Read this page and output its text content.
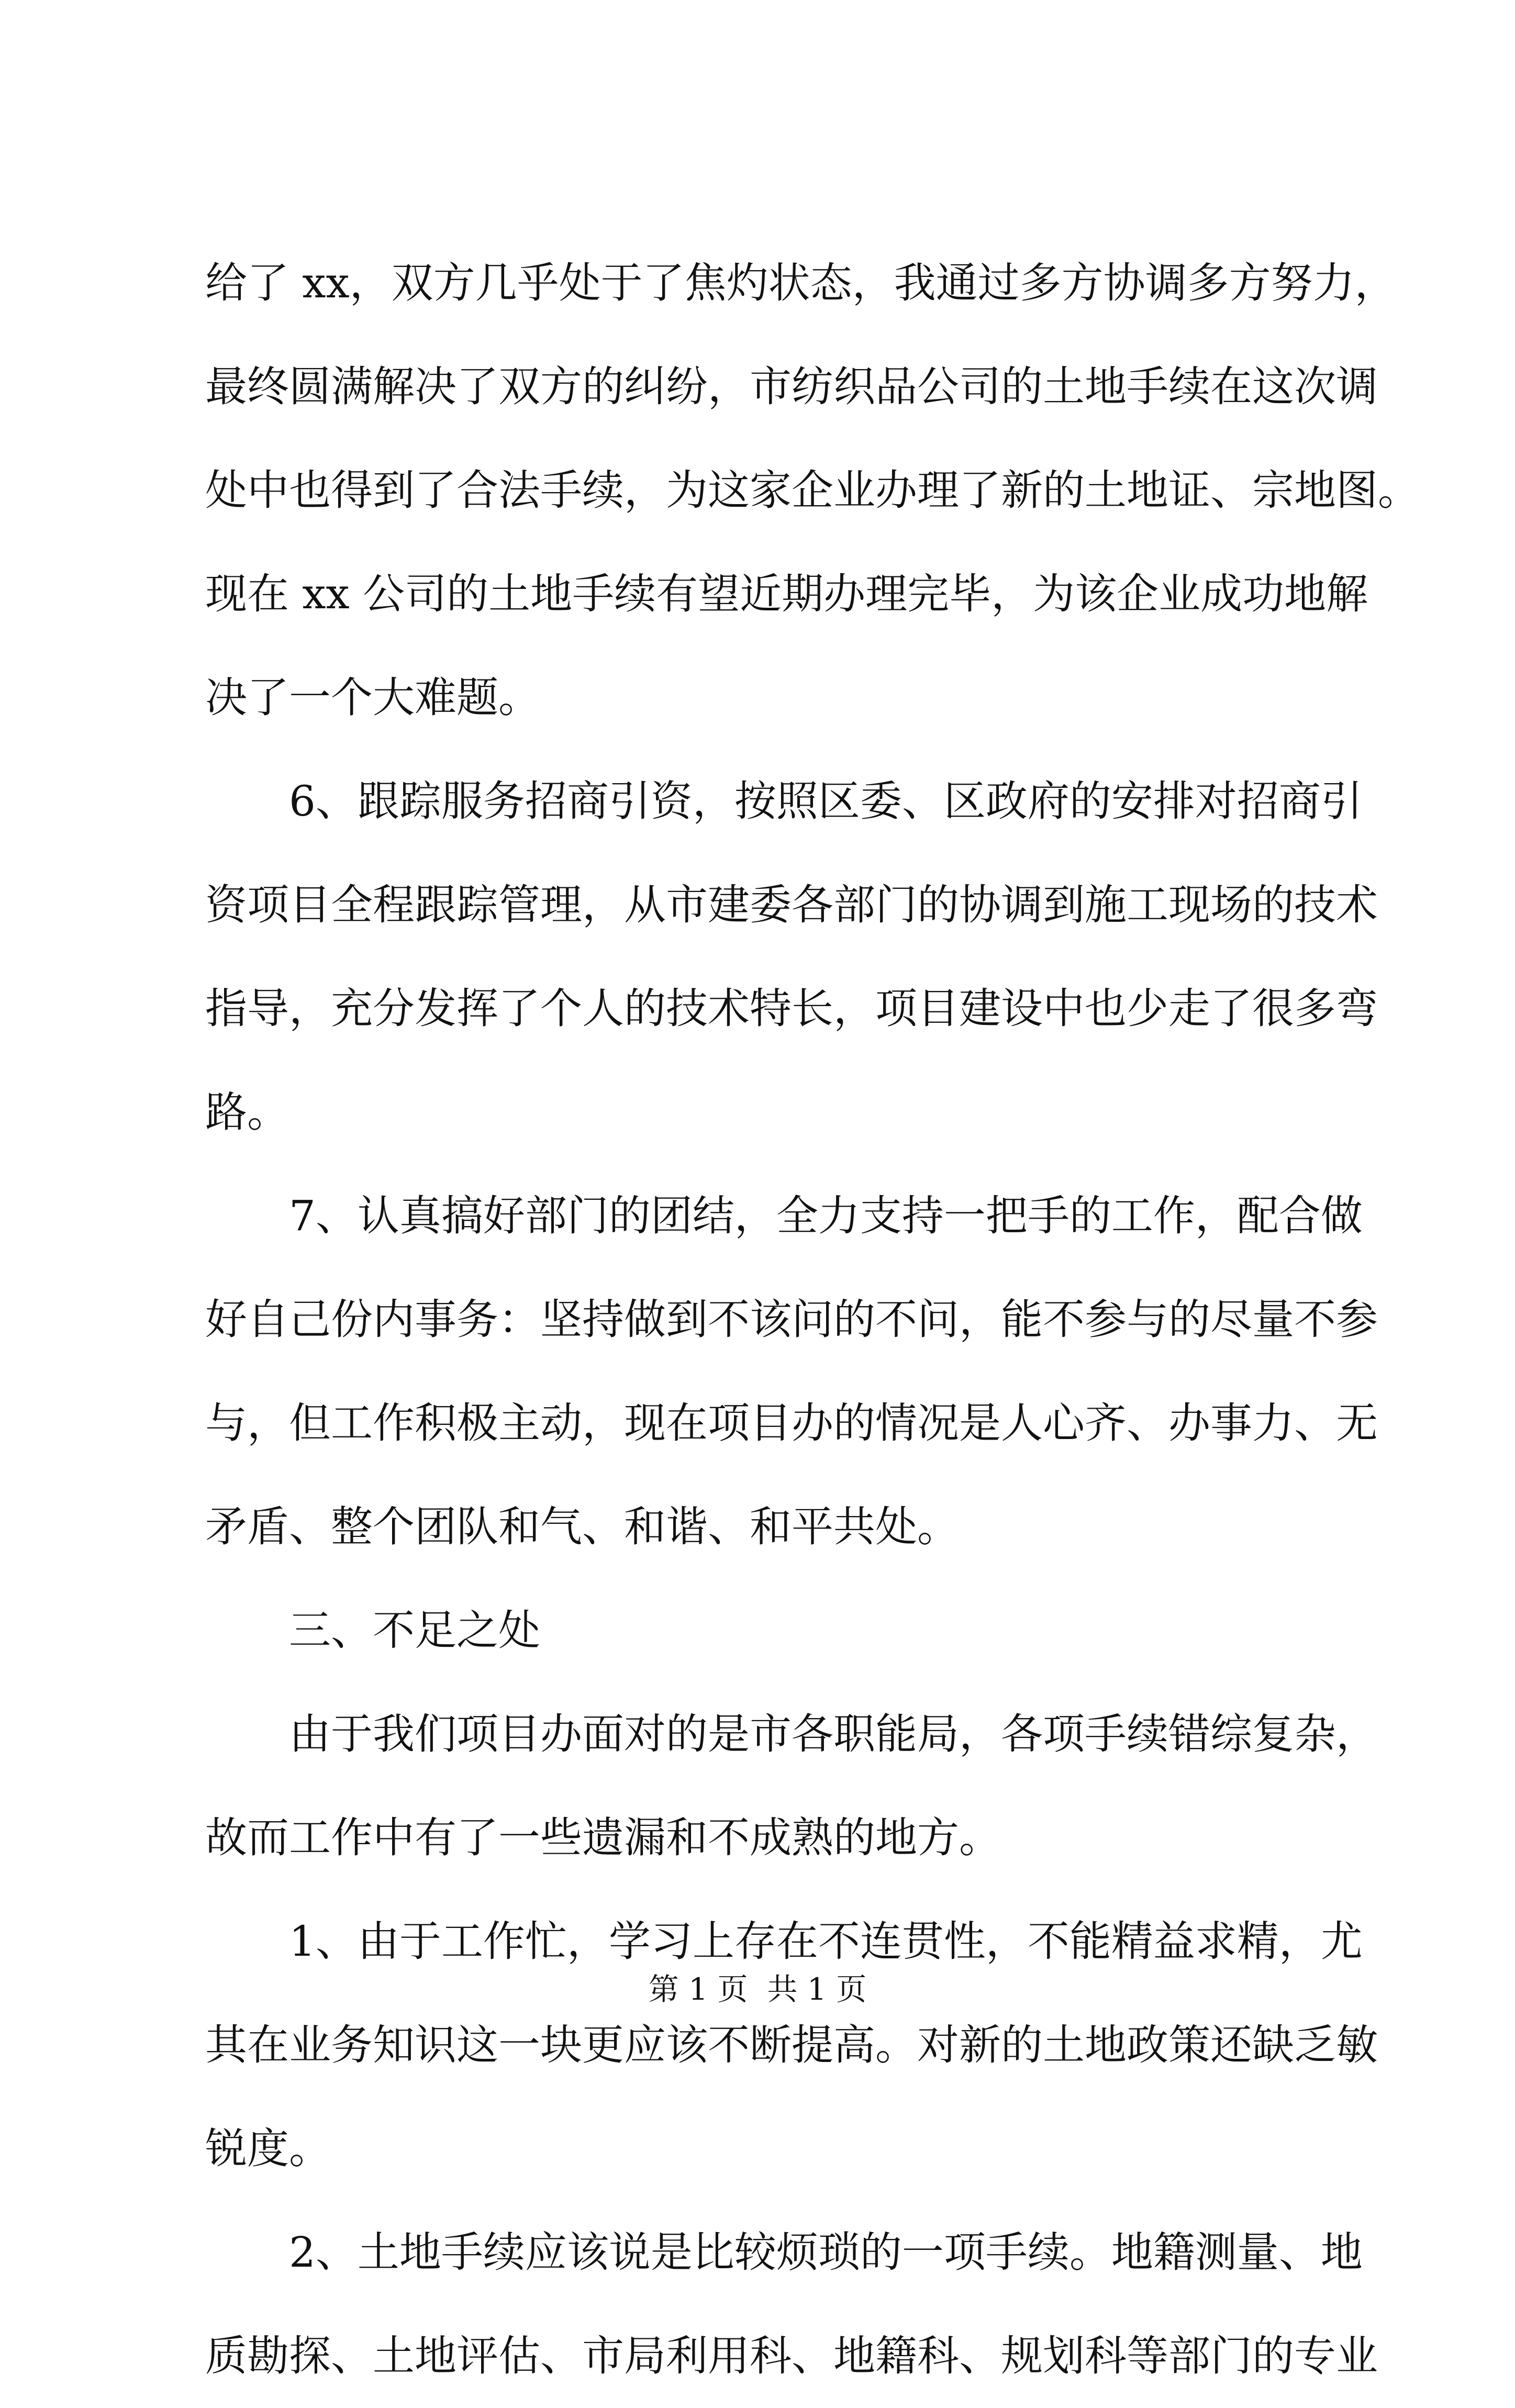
给了 xx，双方几乎处于了焦灼状态，我通过多方协调多方努力，
最终圆满解决了双方的纠纷，市纺织品公司的土地手续在这次调
处中也得到了合法手续，为这家企业办理了新的土地证、宗地图。
现在 xx 公司的土地手续有望近期办理完毕，为该企业成功地解
决了一个大难题。
6、跟踪服务招商引资，按照区委、区政府的安排对招商引
资项目全程跟踪管理，从市建委各部门的协调到施工现场的技术
指导，充分发挥了个人的技术特长，项目建设中也少走了很多弯
路。
7、认真搞好部门的团结，全力支持一把手的工作，配合做
好自己份内事务：坚持做到不该问的不问，能不参与的尽量不参
与，但工作积极主动，现在项目办的情况是人心齐、办事力、无
矛盾、整个团队和气、和谐、和平共处。
三、不足之处
由于我们项目办面对的是市各职能局，各项手续错综复杂，
故而工作中有了一些遗漏和不成熟的地方。
1、由于工作忙，学习上存在不连贯性，不能精益求精，尤
其在业务知识这一块更应该不断提高。对新的土地政策还缺乏敏
锐度。
2、土地手续应该说是比较烦琐的一项手续。地籍测量、地
质勘探、土地评估、市局利用科、地籍科、规划科等部门的专业
第 1 页  共 1 页
